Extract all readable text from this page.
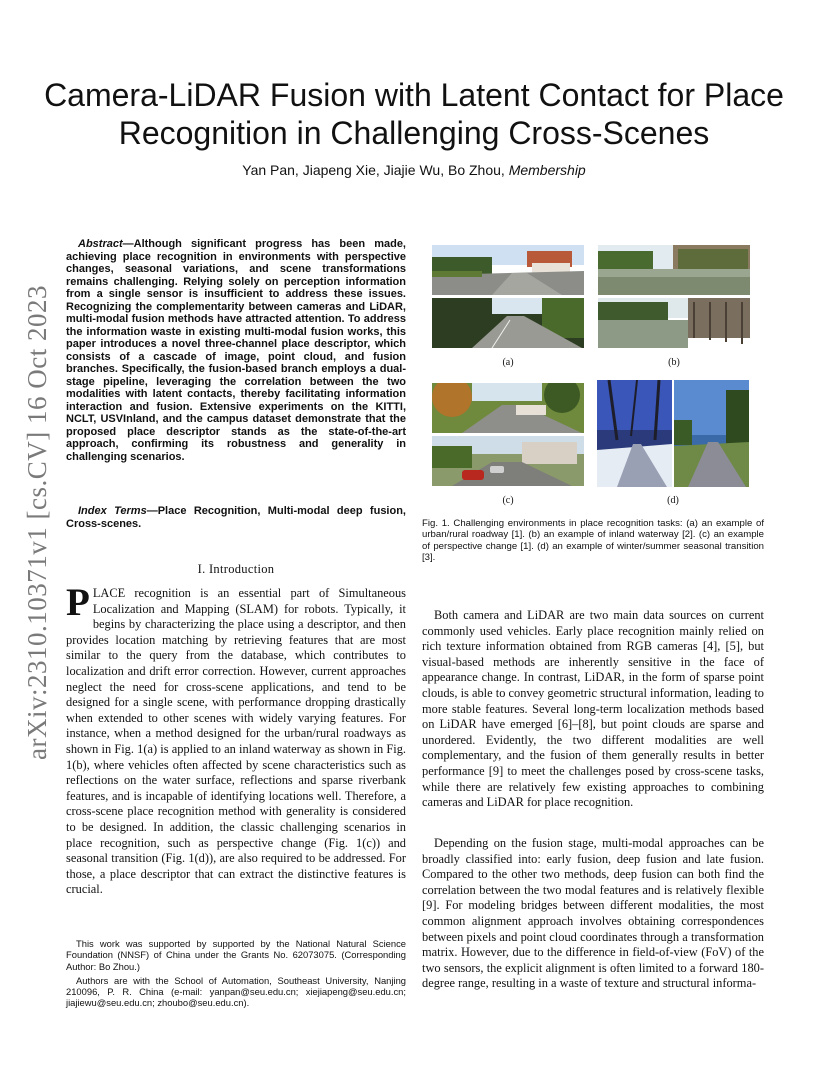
arXiv:2310.10371v1 [cs.CV] 16 Oct 2023
Camera-LiDAR Fusion with Latent Contact for Place Recognition in Challenging Cross-Scenes
Yan Pan, Jiapeng Xie, Jiajie Wu, Bo Zhou, Membership

Abstract—Although significant progress has been made, achieving place recognition in environments with perspective changes, seasonal variations, and scene transformations remains challenging. Relying solely on perception information from a single sensor is insufficient to address these issues. Recognizing the complementarity between cameras and LiDAR, multi-modal fusion methods have attracted attention. To address the information waste in existing multi-modal fusion works, this paper introduces a novel three-channel place descriptor, which consists of a cascade of image, point cloud, and fusion branches. Specifically, the fusion-based branch employs a dual-stage pipeline, leveraging the correlation between the two modalities with latent contacts, thereby facilitating information interaction and fusion. Extensive experiments on the KITTI, NCLT, USVInland, and the campus dataset demonstrate that the proposed place descriptor stands as the state-of-the-art approach, confirming its robustness and generality in challenging scenarios.

Index Terms—Place Recognition, Multi-modal deep fusion, Cross-scenes.

I. Introduction

PLACE recognition is an essential part of Simultaneous Localization and Mapping (SLAM) for robots. Typically, it begins by characterizing the place using a descriptor, and then provides location matching by retrieving features that are most similar to the query from the database, which contributes to localization and drift error correction. However, current approaches neglect the need for cross-scene applications, and tend to be designed for a single scene, with performance dropping drastically when extended to other scenes with widely varying features. For instance, when a method designed for the urban/rural roadways as shown in Fig. 1(a) is applied to an inland waterway as shown in Fig. 1(b), where vehicles often affected by scene characteristics such as reflections on the water surface, reflections and sparse riverbank features, and is incapable of identifying locations well. Therefore, a cross-scene place recognition method with generality is considered to be designed. In addition, the classic challenging scenarios in place recognition, such as perspective change (Fig. 1(c)) and seasonal transition (Fig. 1(d)), are also required to be addressed. For those, a place descriptor that can extract the distinctive features is crucial.

This work was supported by supported by the National Natural Science Foundation (NNSF) of China under the Grants No. 62073075. (Corresponding Author: Bo Zhou.)

Authors are with the School of Automation, Southeast University, Nanjing 210096, P. R. China (e-mail: yanpan@seu.edu.cn; xiejiapeng@seu.edu.cn; jiajiewu@seu.edu.cn; zhoubo@seu.edu.cn).

(a)	(b)
(c)	(d)

Fig. 1. Challenging environments in place recognition tasks: (a) an example of urban/rural roadway [1]. (b) an example of inland waterway [2]. (c) an example of perspective change [1]. (d) an example of winter/summer seasonal transition [3].

Both camera and LiDAR are two main data sources on current commonly used vehicles. Early place recognition mainly relied on rich texture information obtained from RGB cameras [4], [5], but visual-based methods are inherently sensitive in the face of appearance change. In contrast, LiDAR, in the form of sparse point clouds, is able to convey geometric structural information, leading to more stable features. Several long-term localization methods based on LiDAR have emerged [6]–[8], but point clouds are sparse and unordered. Evidently, the two different modalities are well complementary, and the fusion of them generally results in better performance [9] to meet the challenges posed by cross-scene tasks, while there are relatively few existing approaches to combining cameras and LiDAR for place recognition.

Depending on the fusion stage, multi-modal approaches can be broadly classified into: early fusion, deep fusion and late fusion. Compared to the other two methods, deep fusion can both find the correlation between the two modal features and is relatively flexible [9]. For modeling bridges between different modalities, the most common alignment approach involves obtaining correspondences between pixels and point cloud coordinates through a transformation matrix. However, due to the difference in field-of-view (FoV) of the two sensors, the explicit alignment is often limited to a forward 180-degree range, resulting in a waste of texture and structural informa-
